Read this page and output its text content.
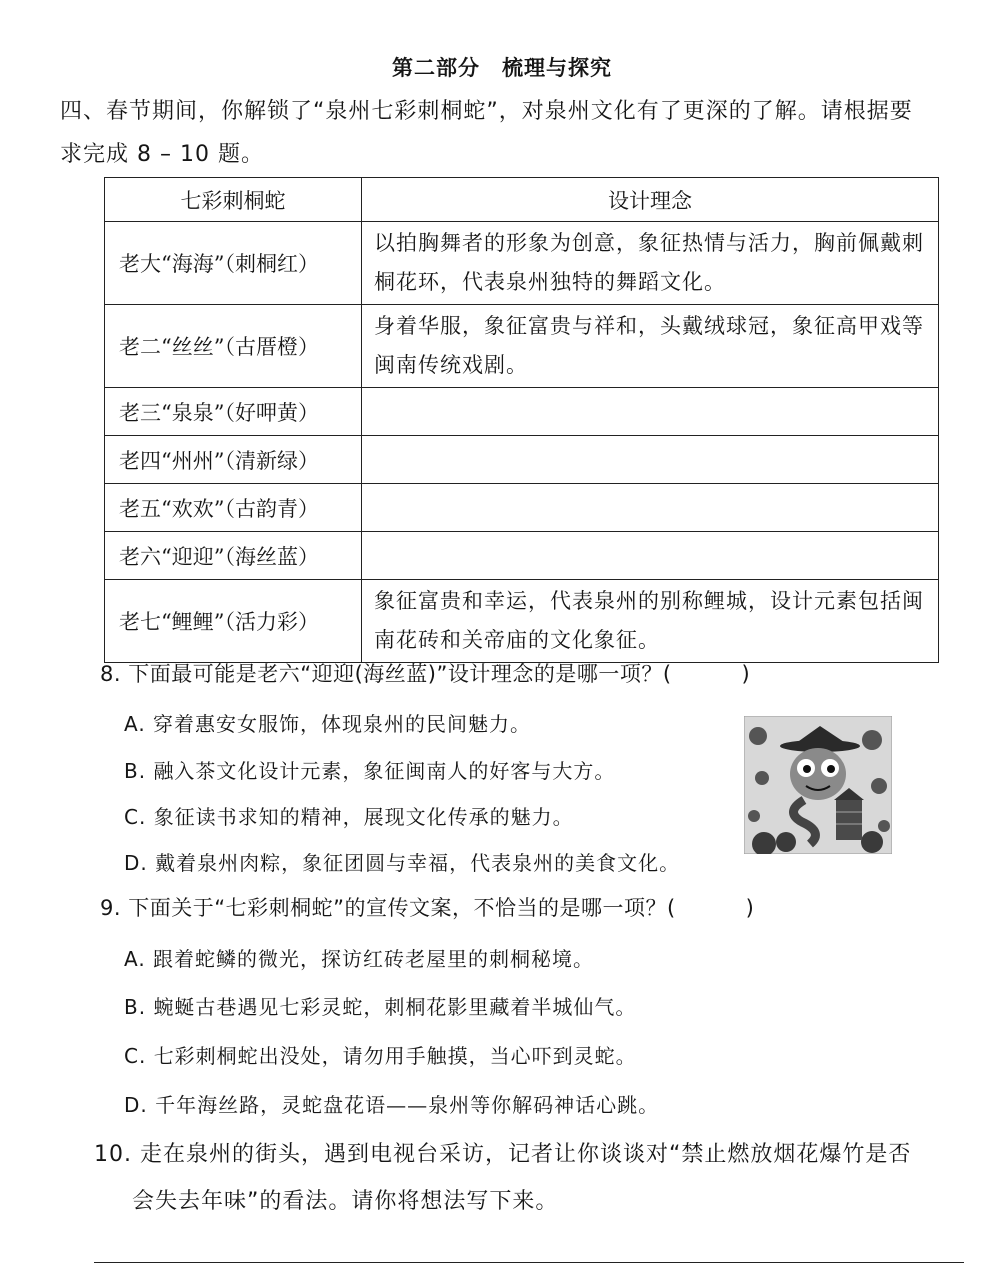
第二部分 梳理与探究
四、春节期间，你解锁了“泉州七彩刺桐蛇”，对泉州文化有了更深的了解。请根据要
求完成 8 – 10 题。
七彩刺桐蛇	设计理念
老大“海海”（刺桐红）	以拍胸舞者的形象为创意，象征热情与活力，胸前佩戴刺桐花环，代表泉州独特的舞蹈文化。
老二“丝丝”（古厝橙）	身着华服，象征富贵与祥和，头戴绒球冠，象征高甲戏等闽南传统戏剧。
老三“泉泉”（好呷黄）	
老四“州州”（清新绿）	
老五“欢欢”（古韵青）	
老六“迎迎”（海丝蓝）	
老七“鲤鲤”（活力彩）	象征富贵和幸运，代表泉州的别称鲤城，设计元素包括闽南花砖和关帝庙的文化象征。
8. 下面最可能是老六“迎迎(海丝蓝)”设计理念的是哪一项？(	)
A. 穿着惠安女服饰，体现泉州的民间魅力。
B. 融入茶文化设计元素，象征闽南人的好客与大方。
C. 象征读书求知的精神，展现文化传承的魅力。
D. 戴着泉州肉粽，象征团圆与幸福，代表泉州的美食文化。
9. 下面关于“七彩刺桐蛇”的宣传文案，不恰当的是哪一项？(	)
A. 跟着蛇鳞的微光，探访红砖老屋里的刺桐秘境。
B. 蜿蜒古巷遇见七彩灵蛇，刺桐花影里藏着半城仙气。
C. 七彩刺桐蛇出没处，请勿用手触摸，当心吓到灵蛇。
D. 千年海丝路，灵蛇盘花语——泉州等你解码神话心跳。
10. 走在泉州的街头，遇到电视台采访，记者让你谈谈对“禁止燃放烟花爆竹是否
会失去年味”的看法。请你将想法写下来。
